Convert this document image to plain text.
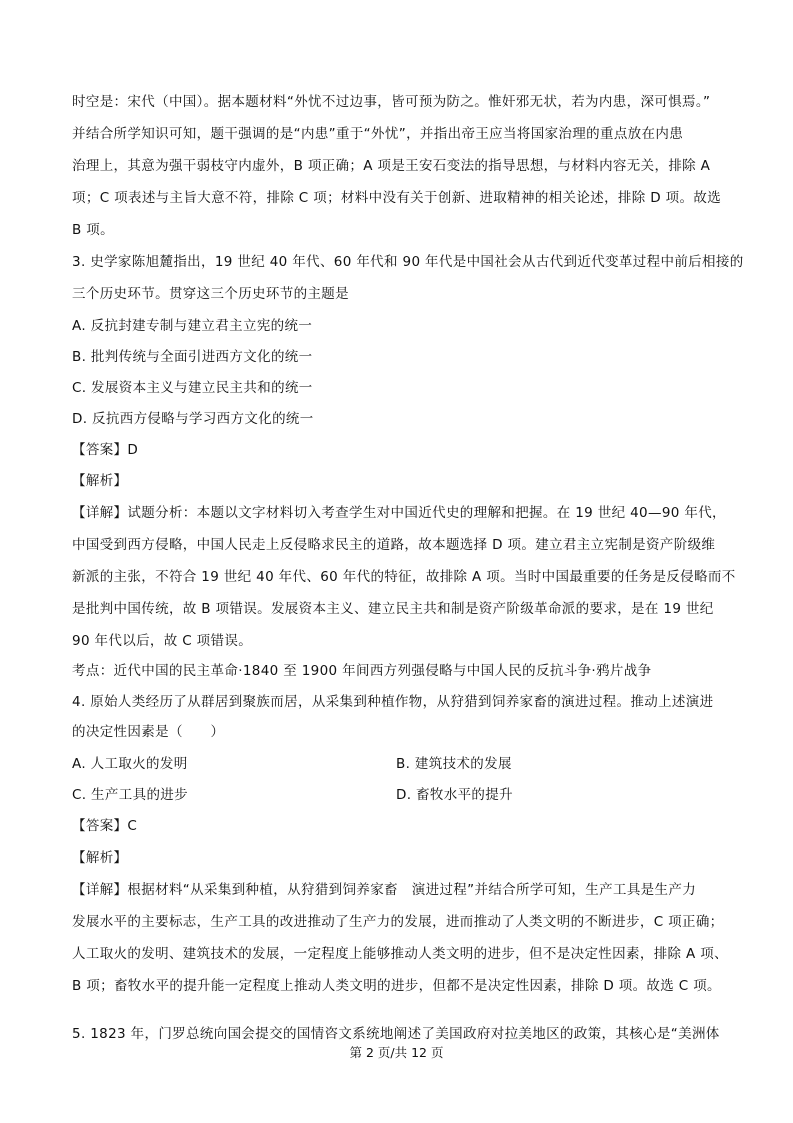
时空是：宋代（中国）。据本题材料“外忧不过边事，皆可预为防之。惟奸邪无状，若为内患，深可惧焉。”
并结合所学知识可知，题干强调的是“内患”重于“外忧”，并指出帝王应当将国家治理的重点放在内患
治理上，其意为强干弱枝守内虚外，B 项正确；A 项是王安石变法的指导思想，与材料内容无关，排除 A
项；C 项表述与主旨大意不符，排除 C 项；材料中没有关于创新、进取精神的相关论述，排除 D 项。故选
B 项。
3. 史学家陈旭麓指出，19 世纪 40 年代、60 年代和 90 年代是中国社会从古代到近代变革过程中前后相接的
三个历史环节。贯穿这三个历史环节的主题是
A. 反抗封建专制与建立君主立宪的统一
B. 批判传统与全面引进西方文化的统一
C. 发展资本主义与建立民主共和的统一
D. 反抗西方侵略与学习西方文化的统一
【答案】D
【解析】
【详解】试题分析：本题以文字材料切入考查学生对中国近代史的理解和把握。在 19 世纪 40—90 年代，
中国受到西方侵略，中国人民走上反侵略求民主的道路，故本题选择 D 项。建立君主立宪制是资产阶级维
新派的主张，不符合 19 世纪 40 年代、60 年代的特征，故排除 A 项。当时中国最重要的任务是反侵略而不
是批判中国传统，故 B 项错误。发展资本主义、建立民主共和制是资产阶级革命派的要求，是在 19 世纪
90 年代以后，故 C 项错误。
考点：近代中国的民主革命·1840 至 1900 年间西方列强侵略与中国人民的反抗斗争·鸦片战争
4. 原始人类经历了从群居到聚族而居，从采集到种植作物，从狩猎到饲养家畜的演进过程。推动上述演进
的决定性因素是（　　）
A. 人工取火的发明	B. 建筑技术的发展
C. 生产工具的进步	D. 畜牧水平的提升
【答案】C
【解析】
【详解】根据材料“从采集到种植，从狩猎到饲养家畜　演进过程”并结合所学可知，生产工具是生产力
发展水平的主要标志，生产工具的改进推动了生产力的发展，进而推动了人类文明的不断进步，C 项正确；
人工取火的发明、建筑技术的发展，一定程度上能够推动人类文明的进步，但不是决定性因素，排除 A 项、
B 项；畜牧水平的提升能一定程度上推动人类文明的进步，但都不是决定性因素，排除 D 项。故选 C 项。
5. 1823 年，门罗总统向国会提交的国情咨文系统地阐述了美国政府对拉美地区的政策，其核心是“美洲体
第 2 页/共 12 页
